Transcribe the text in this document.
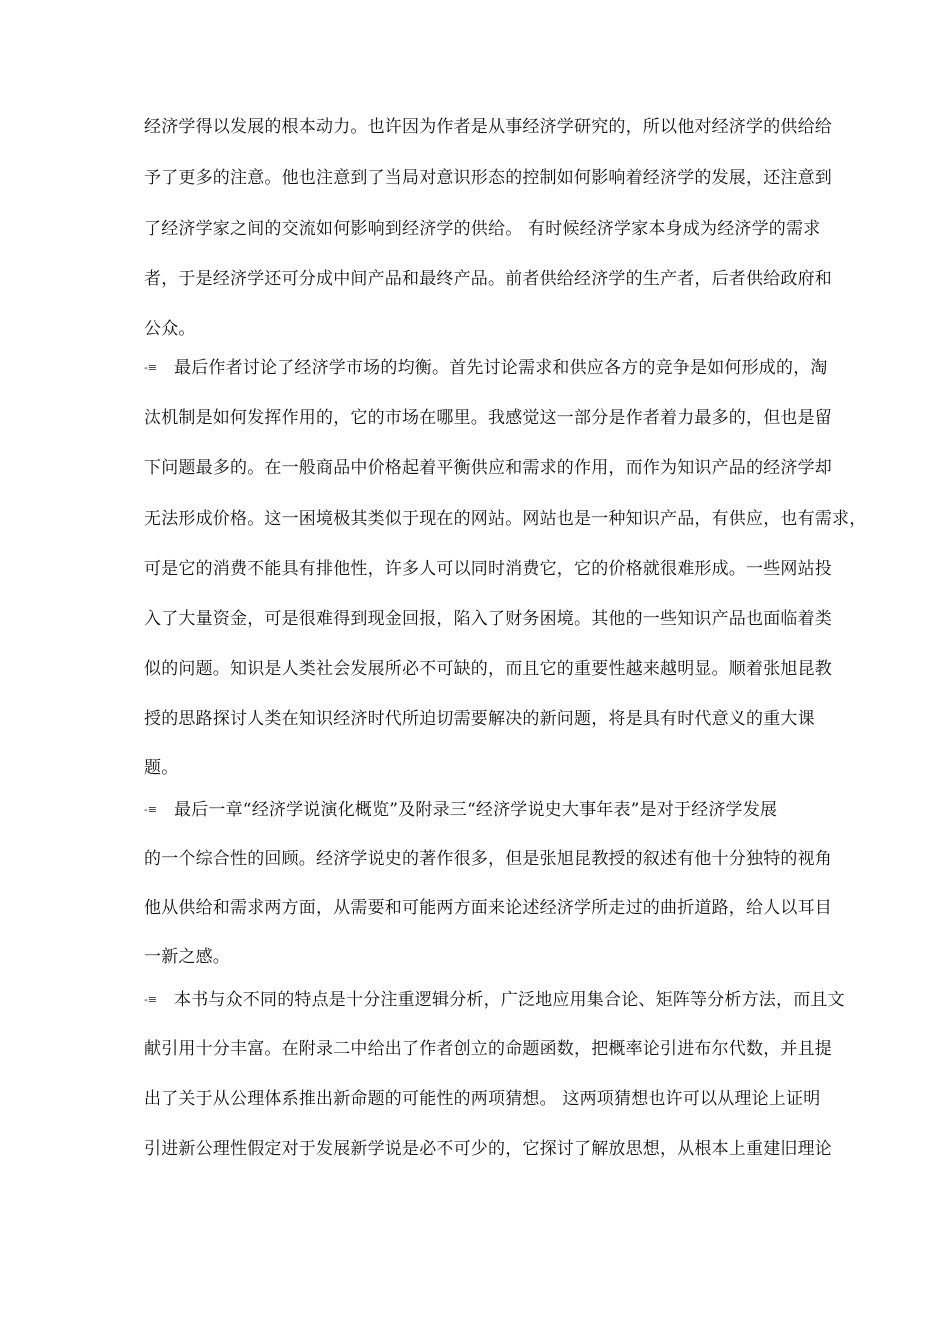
经济学得以发展的根本动力。也许因为作者是从事经济学研究的，所以他对经济学的供给给
予了更多的注意。他也注意到了当局对意识形态的控制如何影响着经济学的发展，还注意到
了经济学家之间的交流如何影响到经济学的供给。 有时候经济学家本身成为经济学的需求
者，于是经济学还可分成中间产品和最终产品。前者供给经济学的生产者，后者供给政府和
公众。
-≡ 最后作者讨论了经济学市场的均衡。首先讨论需求和供应各方的竞争是如何形成的，淘
汰机制是如何发挥作用的，它的市场在哪里。我感觉这一部分是作者着力最多的，但也是留
下问题最多的。在一般商品中价格起着平衡供应和需求的作用，而作为知识产品的经济学却
无法形成价格。这一困境极其类似于现在的网站。网站也是一种知识产品，有供应，也有需求，
可是它的消费不能具有排他性，许多人可以同时消费它，它的价格就很难形成。一些网站投
入了大量资金，可是很难得到现金回报，陷入了财务困境。其他的一些知识产品也面临着类
似的问题。知识是人类社会发展所必不可缺的，而且它的重要性越来越明显。顺着张旭昆教
授的思路探讨人类在知识经济时代所迫切需要解决的新问题，将是具有时代意义的重大课
题。
-≡ 最后一章“经济学说演化概览”及附录三“经济学说史大事年表”是对于经济学发展
的一个综合性的回顾。经济学说史的著作很多，但是张旭昆教授的叙述有他十分独特的视角
他从供给和需求两方面，从需要和可能两方面来论述经济学所走过的曲折道路，给人以耳目
一新之感。
-≡ 本书与众不同的特点是十分注重逻辑分析，广泛地应用集合论、矩阵等分析方法，而且文
献引用十分丰富。在附录二中给出了作者创立的命题函数，把概率论引进布尔代数，并且提
出了关于从公理体系推出新命题的可能性的两项猜想。 这两项猜想也许可以从理论上证明
引进新公理性假定对于发展新学说是必不可少的，它探讨了解放思想，从根本上重建旧理论
